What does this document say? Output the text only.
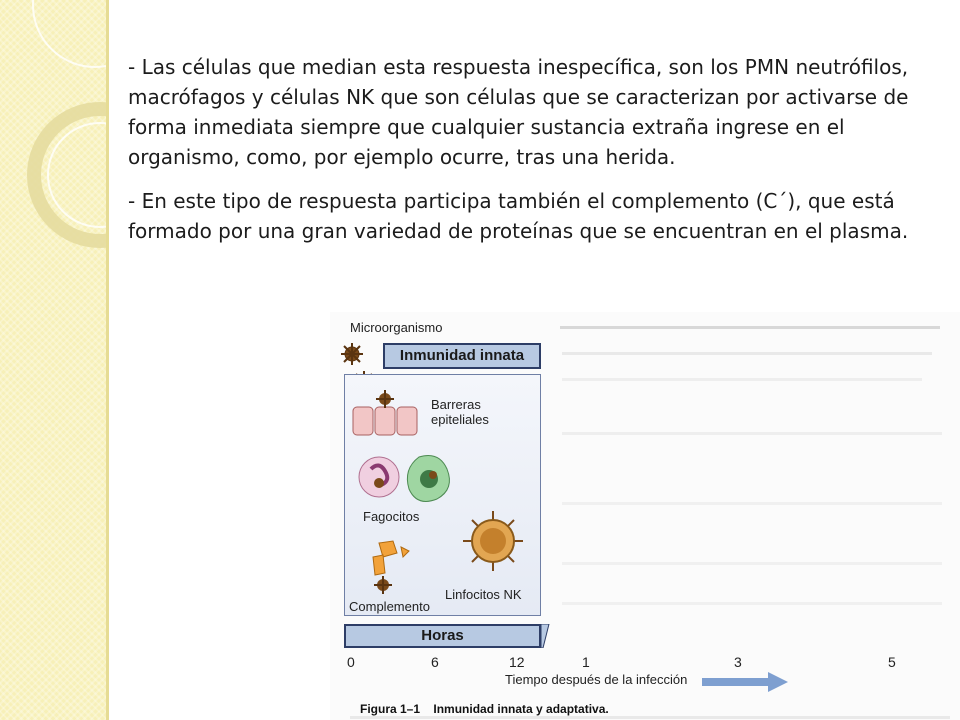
- Las células que median esta respuesta inespecífica, son los PMN neutrófilos, macrófagos y células NK que son células que se caracterizan por activarse de forma inmediata siempre que cualquier sustancia extraña ingrese en el organismo, como, por ejemplo ocurre, tras una herida.

- En este tipo de respuesta participa también el complemento (C´), que está formado por una gran variedad de proteínas que se encuentran en el plasma.

Microorganismo
Inmunidad innata
Barreras
epiteliales
Fagocitos
Linfocitos NK
Complemento
Horas
0	6	12	1	3	5
Tiempo después de la infección
Figura 1–1 Inmunidad innata y adaptativa.
